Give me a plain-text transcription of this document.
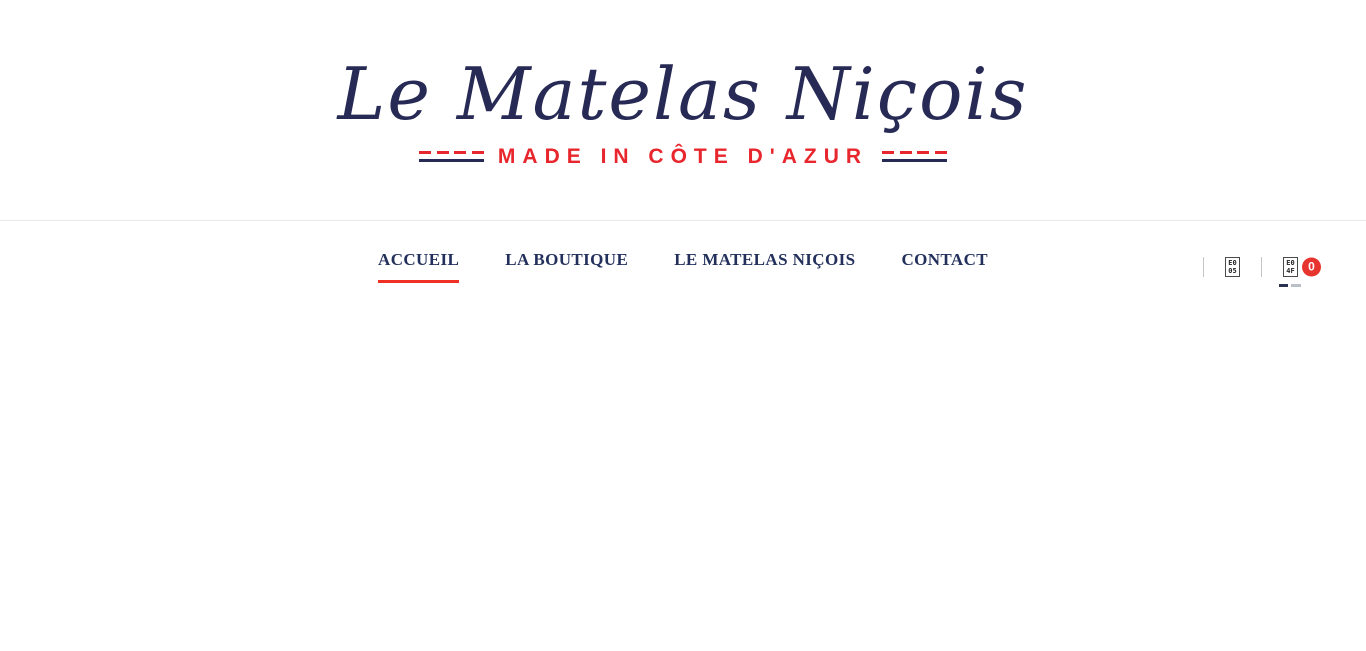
Le Matelas Niçois
MADE IN CÔTE D'AZUR
ACCUEIL	LA BOUTIQUE	LE MATELAS NIÇOIS	CONTACT	E0
05
E0
4F	0
